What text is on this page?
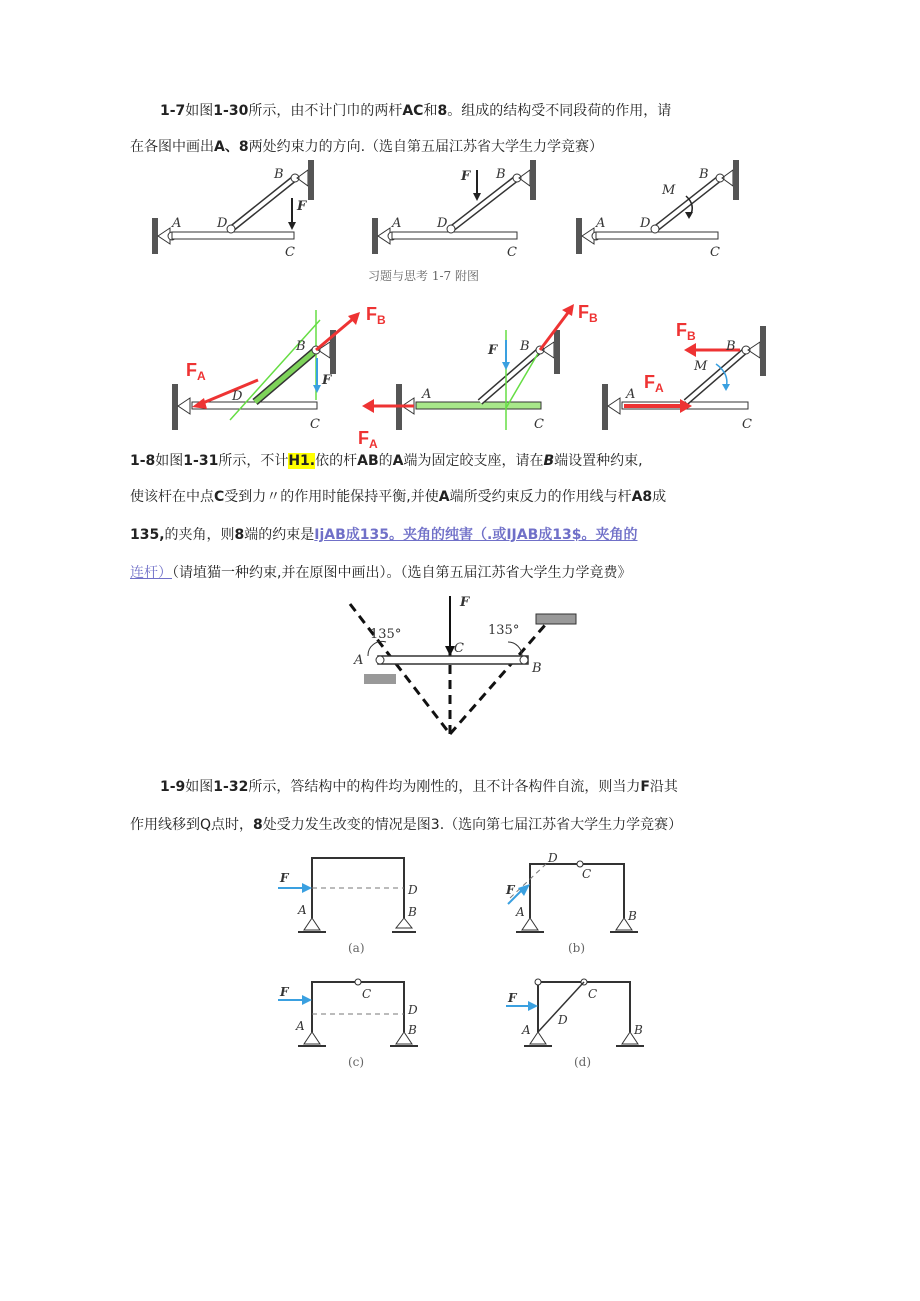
1-7如图1-30所示，由不计门巾的两杆AC和8。组成的结构受不同段荷的作用，请
在各图中画出A、8两处约束力的方向.（选自第五届江苏省大学生力学竞赛）
A	D
B
C
F
A	D
B
C
F
A	D
B
C
M
习题与思考 1-7 附图
$F_A$
$F_B$
D
B
C
F
$F_A$
$F_B$
A
B
C
F
$F_B$
$F_A$
A
B
C
M
1-8如图1-31所示，不计H1.依的杆AB的A端为固定皎支座，请在B端设置种约束,
使该杆在中点C受到力〃的作用时能保持平衡,并使A端所受约束反力的作用线与杆A8成
135,的夹角，则8端的约束是IjAB成135。夹角的纯害（.或IJAB成13$。夹角的
连杆）（请埴猫一种约束,并在原图中画出）。（选自第五届江苏省大学生力学竟费》
F
A
B
C
135°	135°
1-9如图1-32所示，答结构中的构件均为刚性的，且不计各构件自流，则当力F沿其
作用线移到Q点时，8处受力发生改变的情况是图3.（选向第七届江苏省大学生力学竞赛）
F
A	B
D
(a)
F
A	B
C
D
(b)
F
A	B
C
D
(c)
F
A	B
C
D
(d)
